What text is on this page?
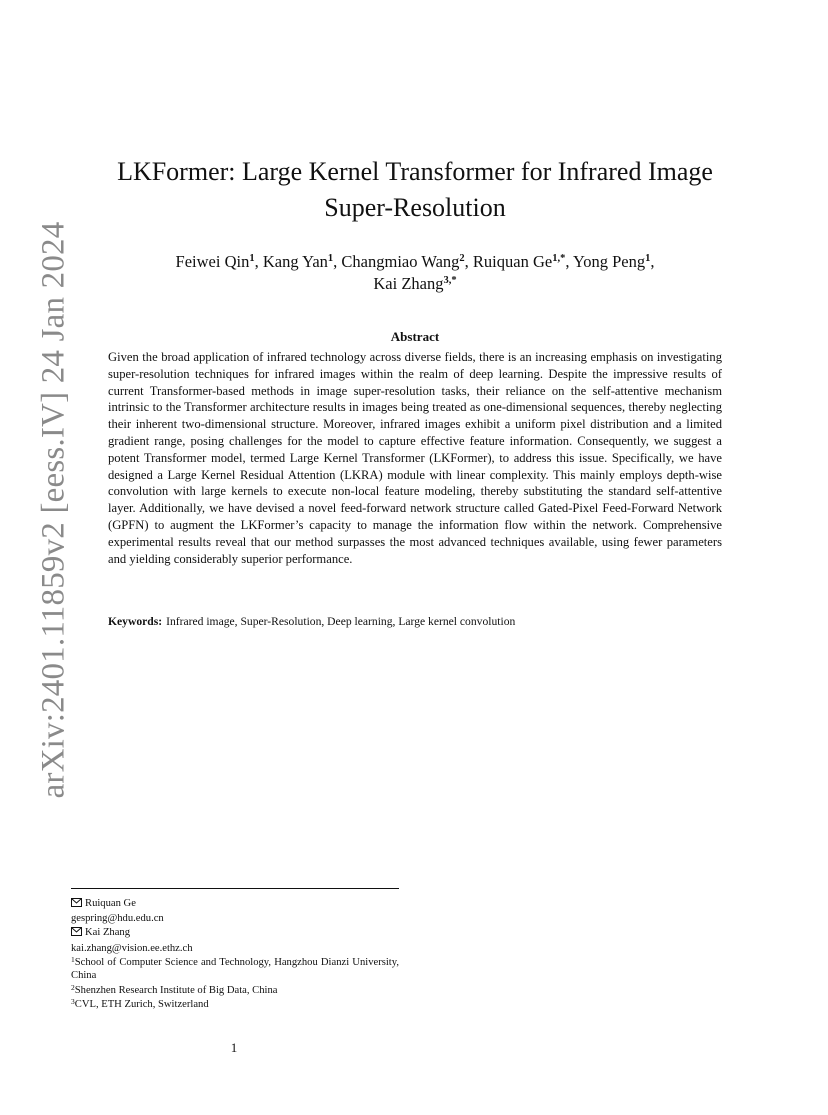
arXiv:2401.11859v2 [eess.IV] 24 Jan 2024
LKFormer: Large Kernel Transformer for Infrared Image Super-Resolution
Feiwei Qin$^1$, Kang Yan$^1$, Changmiao Wang$^2$, Ruiquan $Ge^{1,*}$, Yong Peng$^1$,
Kai Zhang$^{3,*}$
Abstract

Given the broad application of infrared technology across diverse fields, there is an increasing emphasis on investigating super-resolution techniques for infrared images within the realm of deep learning. Despite the impressive results of current Transformer-based methods in image super-resolution tasks, their reliance on the self-attentive mechanism intrinsic to the Transformer architecture results in images being treated as one-dimensional sequences, thereby neglecting their inherent two-dimensional structure. Moreover, infrared images exhibit a uniform pixel distribution and a limited gradient range, posing challenges for the model to capture effective feature information. Consequently, we suggest a potent Transformer model, termed Large Kernel Transformer (LKFormer), to address this issue. Specifically, we have designed a Large Kernel Residual Attention (LKRA) module with linear complexity. This mainly employs depth-wise convolution with large kernels to execute non-local feature modeling, thereby substituting the standard self-attentive layer. Additionally, we have devised a novel feed-forward network structure called Gated-Pixel Feed-Forward Network (GPFN) to augment the LKFormer’s capacity to manage the information flow within the network. Comprehensive experimental results reveal that our method surpasses the most advanced techniques available, using fewer parameters and yielding considerably superior performance.

Keywords: Infrared image, Super-Resolution, Deep learning, Large kernel convolution
Ruiquan Ge
gespring@hdu.edu.cn
Kai Zhang
kai.zhang@vision.ee.ethz.ch
$^1$School of Computer Science and Technology, Hangzhou Dianzi University, China
$^2$Shenzhen Research Institute of Big Data, China
$^3$CVL, ETH Zurich, Switzerland
1
